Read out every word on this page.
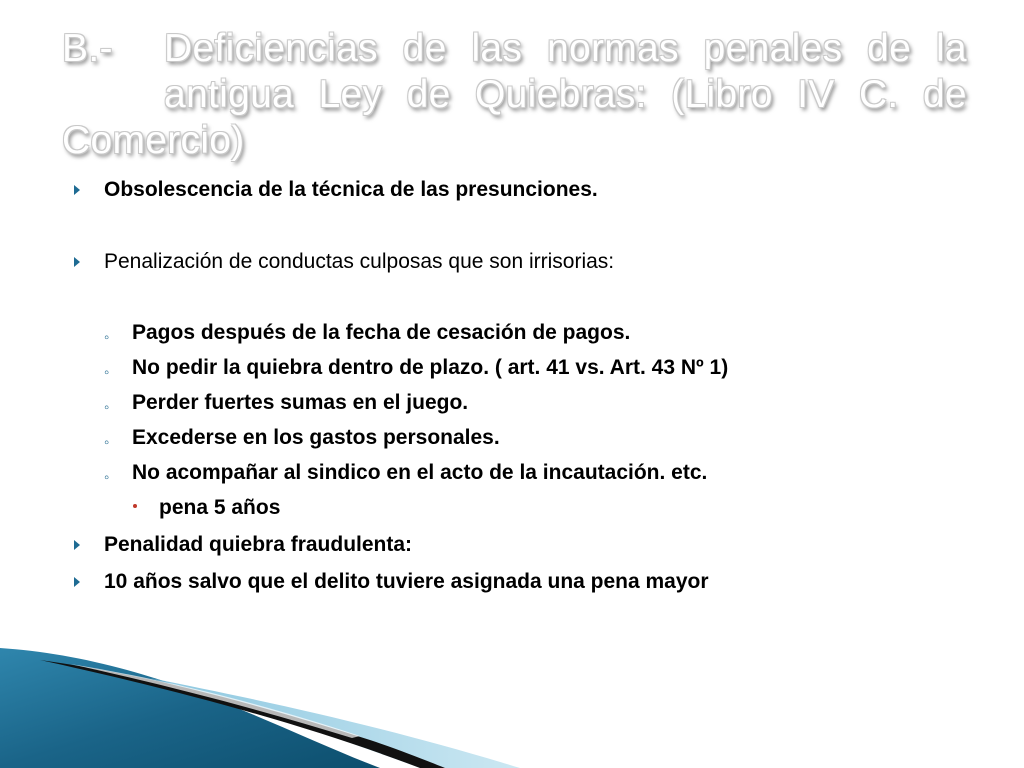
B.-	Deficiencias de las normas penales de la
antigua Ley de Quiebras: (Libro IV C. de
Comercio)
Obsolescencia de la técnica de las presunciones.
Penalización de conductas culposas que son irrisorias:
◦ Pagos después de la fecha de cesación de pagos.
◦ No pedir la quiebra dentro de plazo. ( art. 41 vs. Art. 43 Nº 1)
◦ Perder fuertes sumas en el juego.
◦ Excederse en los gastos personales.
◦ No acompañar al sindico en el acto de la incautación. etc.
pena 5 años
Penalidad quiebra fraudulenta:
10 años salvo que el delito tuviere asignada una pena mayor
